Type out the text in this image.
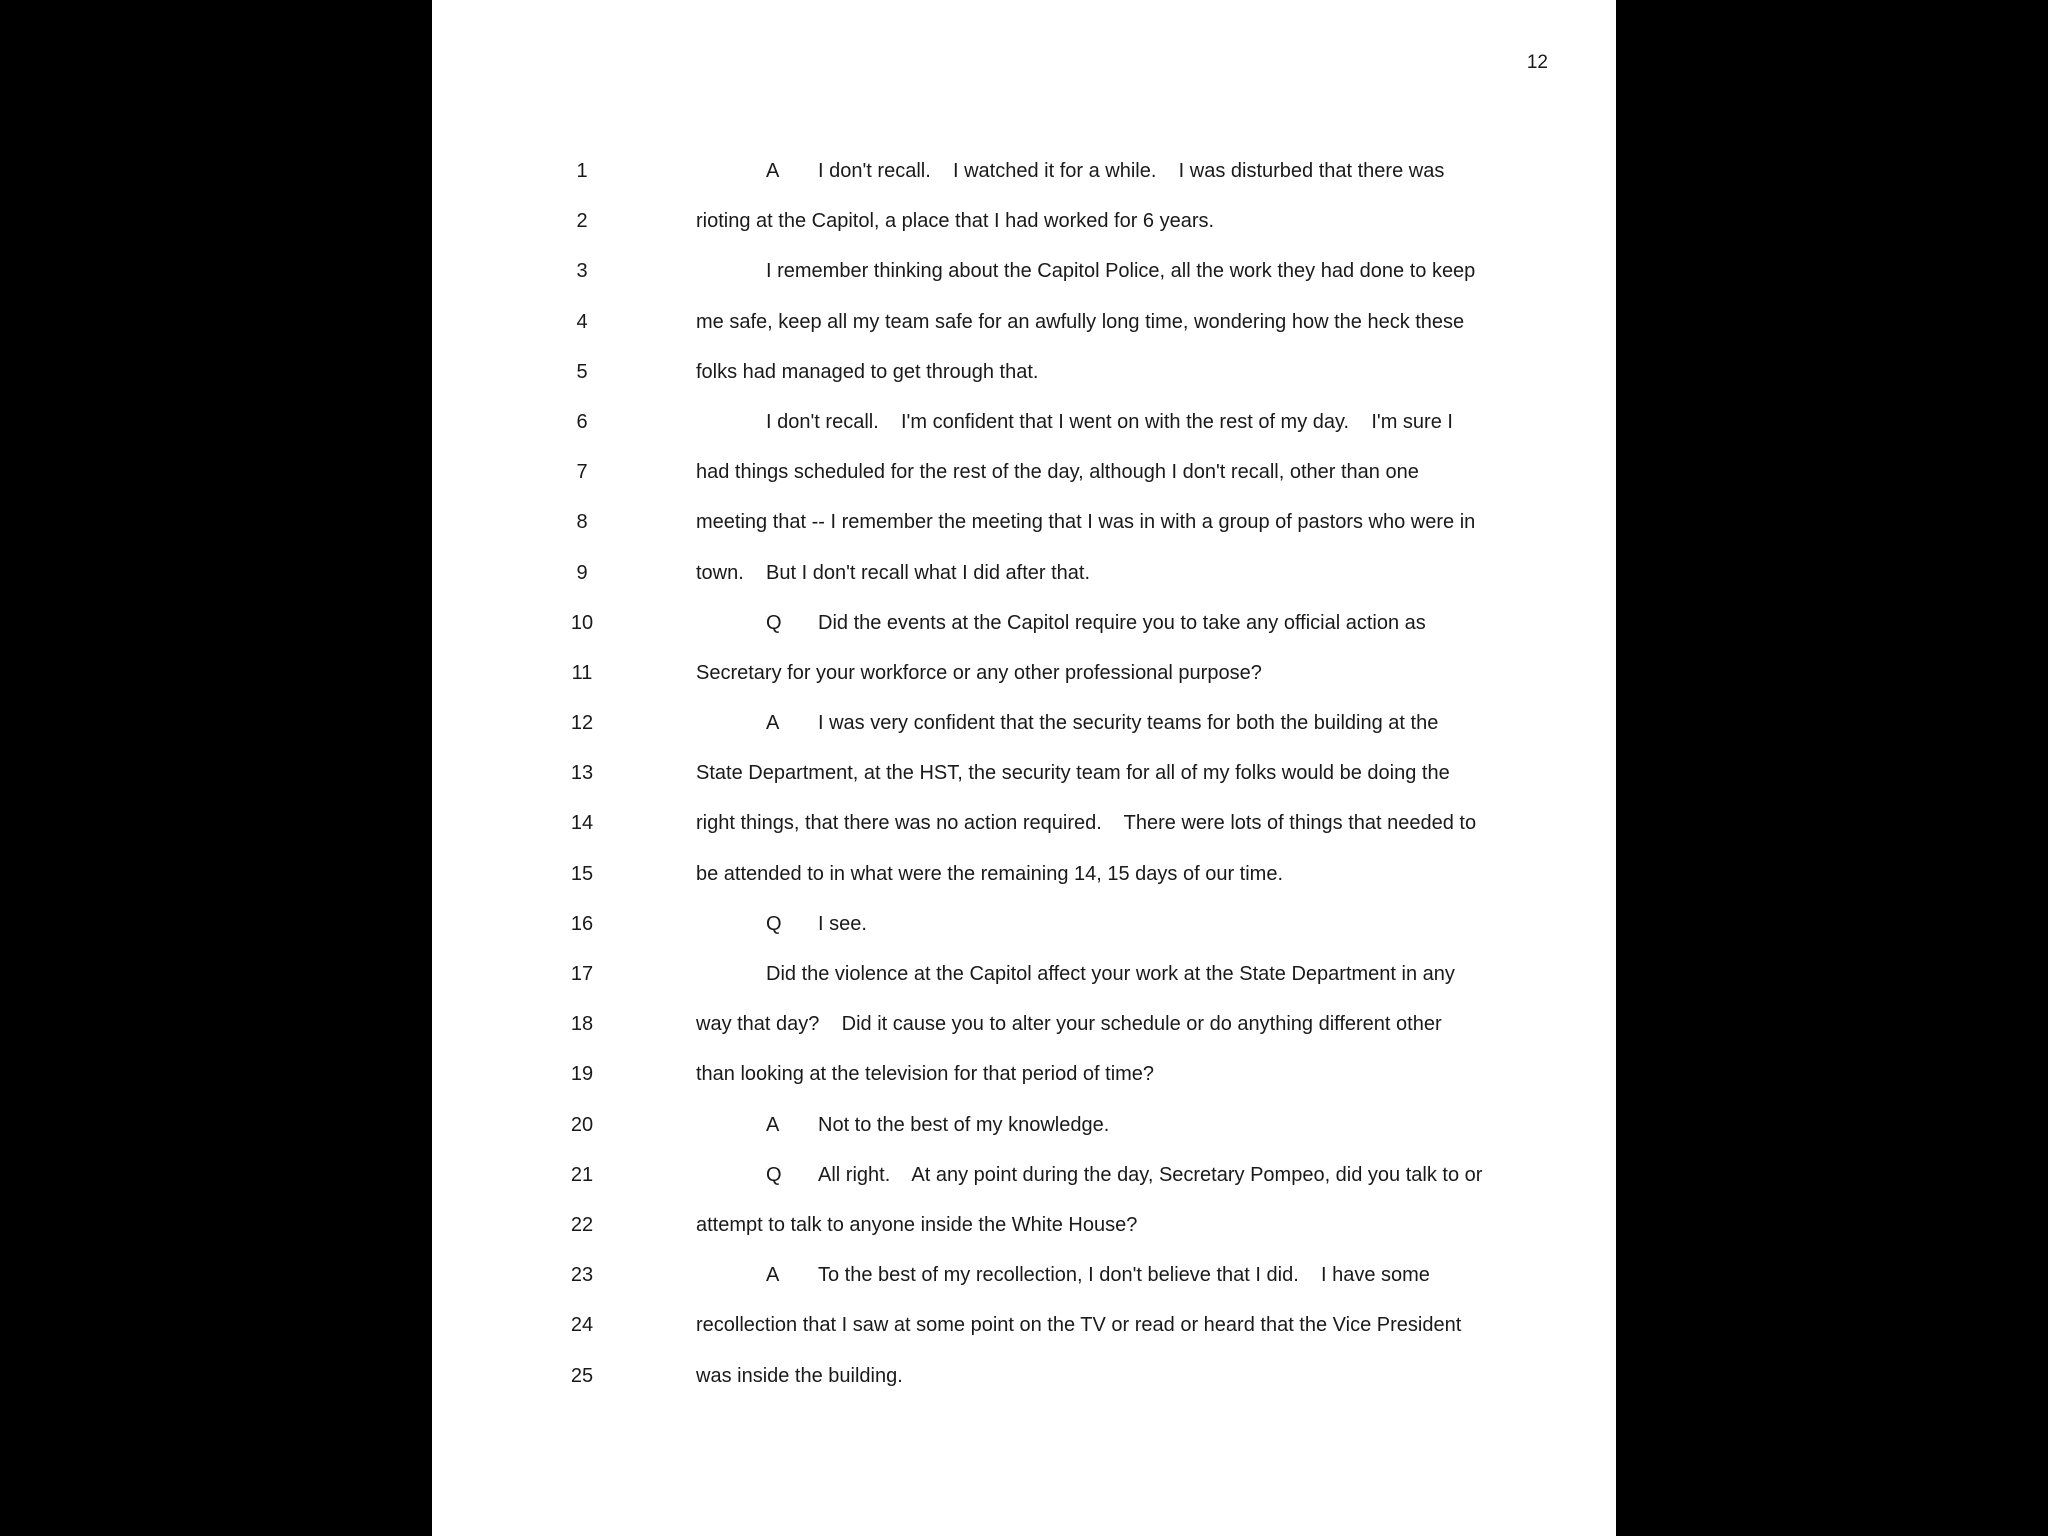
12
1	A I don't recall.    I watched it for a while.    I was disturbed that there was
2	rioting at the Capitol, a place that I had worked for 6 years.
3	I remember thinking about the Capitol Police, all the work they had done to keep
4	me safe, keep all my team safe for an awfully long time, wondering how the heck these
5	folks had managed to get through that.
6	I don't recall.    I'm confident that I went on with the rest of my day.    I'm sure I
7	had things scheduled for the rest of the day, although I don't recall, other than one
8	meeting that -- I remember the meeting that I was in with a group of pastors who were in
9	town.    But I don't recall what I did after that.
10	Q Did the events at the Capitol require you to take any official action as
11	Secretary for your workforce or any other professional purpose?
12	A I was very confident that the security teams for both the building at the
13	State Department, at the HST, the security team for all of my folks would be doing the
14	right things, that there was no action required.    There were lots of things that needed to
15	be attended to in what were the remaining 14, 15 days of our time.
16	Q I see.
17	Did the violence at the Capitol affect your work at the State Department in any
18	way that day?    Did it cause you to alter your schedule or do anything different other
19	than looking at the television for that period of time?
20	A Not to the best of my knowledge.
21	Q All right.    At any point during the day, Secretary Pompeo, did you talk to or
22	attempt to talk to anyone inside the White House?
23	A To the best of my recollection, I don't believe that I did.    I have some
24	recollection that I saw at some point on the TV or read or heard that the Vice President
25	was inside the building.
